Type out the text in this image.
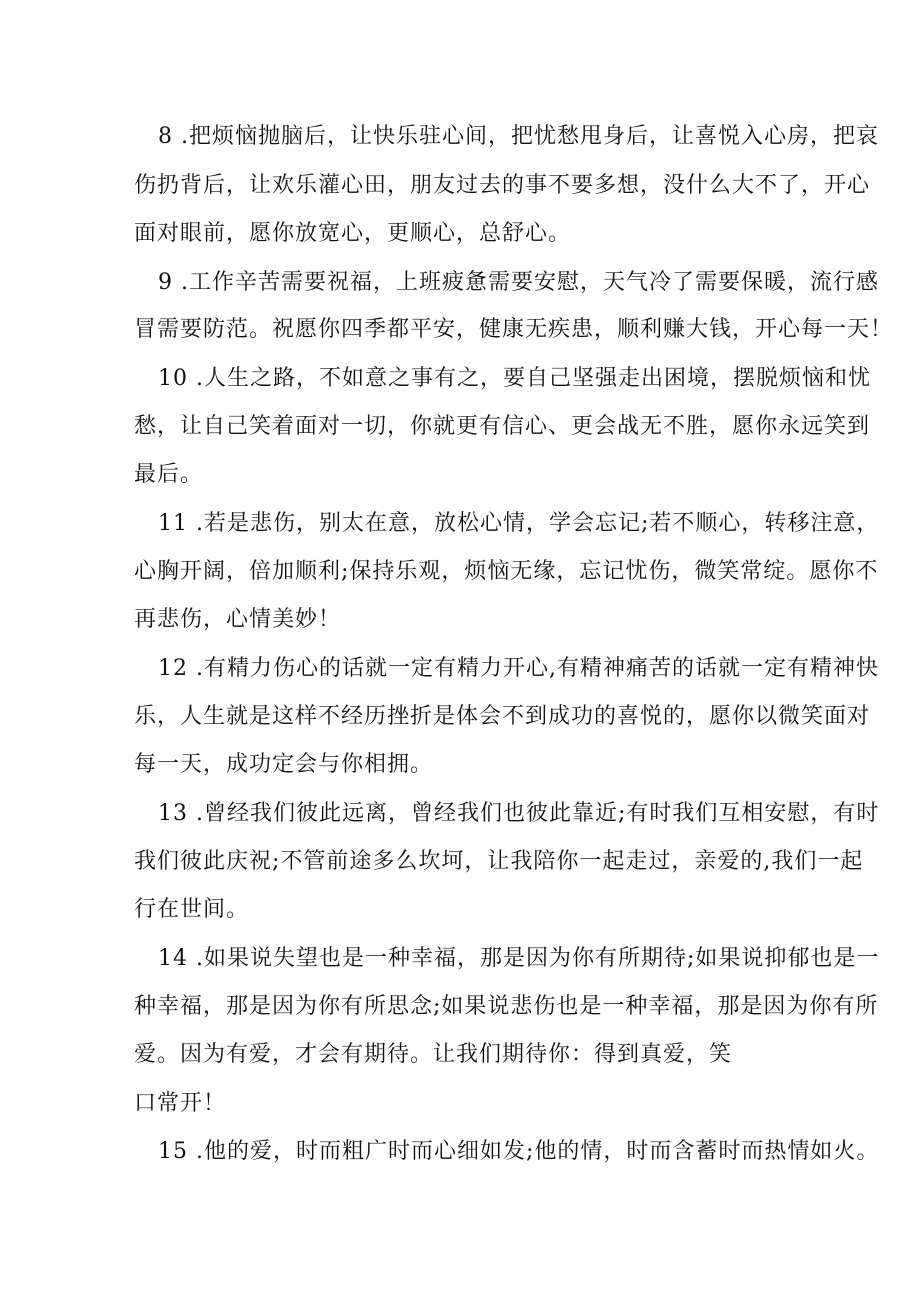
8 .把烦恼抛脑后，让快乐驻心间，把忧愁甩身后，让喜悦入心房，把哀
伤扔背后，让欢乐灌心田，朋友过去的事不要多想，没什么大不了，开心
面对眼前，愿你放宽心，更顺心，总舒心。
9 .工作辛苦需要祝福，上班疲惫需要安慰，天气冷了需要保暖，流行感
冒需要防范。祝愿你四季都平安，健康无疾患，顺利赚大钱，开心每一天！
10 .人生之路，不如意之事有之，要自己坚强走出困境，摆脱烦恼和忧
愁，让自己笑着面对一切，你就更有信心、更会战无不胜，愿你永远笑到
最后。
11 .若是悲伤，别太在意，放松心情，学会忘记;若不顺心，转移注意，
心胸开阔，倍加顺利;保持乐观，烦恼无缘，忘记忧伤，微笑常绽。愿你不
再悲伤，心情美妙！
12 .有精力伤心的话就一定有精力开心,有精神痛苦的话就一定有精神快
乐，人生就是这样不经历挫折是体会不到成功的喜悦的，愿你以微笑面对
每一天，成功定会与你相拥。
13 .曾经我们彼此远离，曾经我们也彼此靠近;有时我们互相安慰，有时
我们彼此庆祝;不管前途多么坎坷，让我陪你一起走过，亲爱的,我们一起
行在世间。
14 .如果说失望也是一种幸福，那是因为你有所期待;如果说抑郁也是一
种幸福，那是因为你有所思念;如果说悲伤也是一种幸福，那是因为你有所
爱。因为有爱，才会有期待。让我们期待你：得到真爱，笑
口常开！
15 .他的爱，时而粗广时而心细如发;他的情，时而含蓄时而热情如火。
